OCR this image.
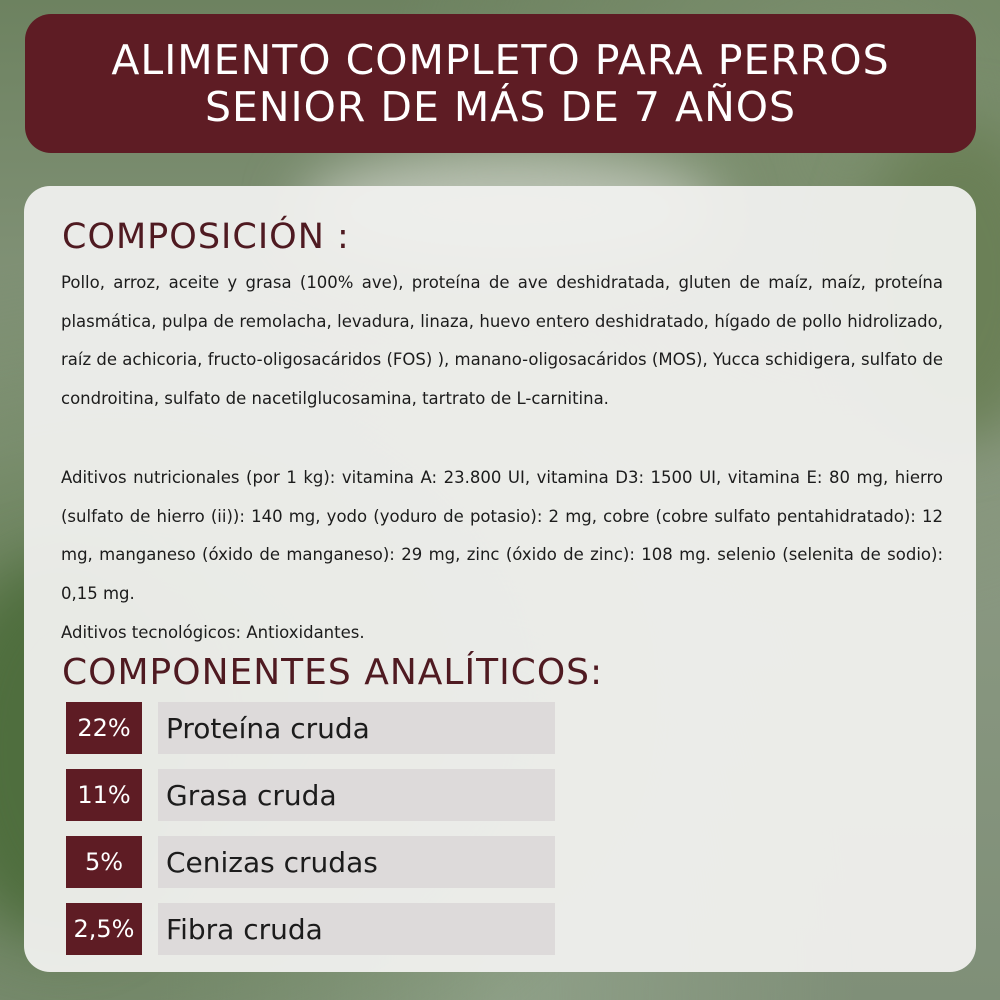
ALIMENTO COMPLETO PARA PERROS
SENIOR DE MÁS DE 7 AÑOS
COMPOSICIÓN :

Pollo, arroz, aceite y grasa (100% ave), proteína de ave deshidratada, gluten de maíz, maíz, proteína plasmática, pulpa de remolacha, levadura, linaza, huevo entero deshidratado, hígado de pollo hidrolizado, raíz de achicoria, fructo-oligosacáridos (FOS) ), manano-oligosacáridos (MOS), Yucca schidigera, sulfato de condroitina, sulfato de nacetilglucosamina, tartrato de L-carnitina.

Aditivos nutricionales (por 1 kg): vitamina A: 23.800 UI, vitamina D3: 1500 UI, vitamina E: 80 mg, hierro (sulfato de hierro (ii)): 140 mg, yodo (yoduro de potasio): 2 mg, cobre (cobre sulfato pentahidratado): 12 mg, manganeso (óxido de manganeso): 29 mg, zinc (óxido de zinc): 108 mg. selenio (selenita de sodio): 0,15 mg.

Aditivos tecnológicos: Antioxidantes.

COMPONENTES ANALÍTICOS:
22%	Proteína cruda
11%	Grasa cruda
5%	Cenizas crudas
2,5% Fibra cruda
